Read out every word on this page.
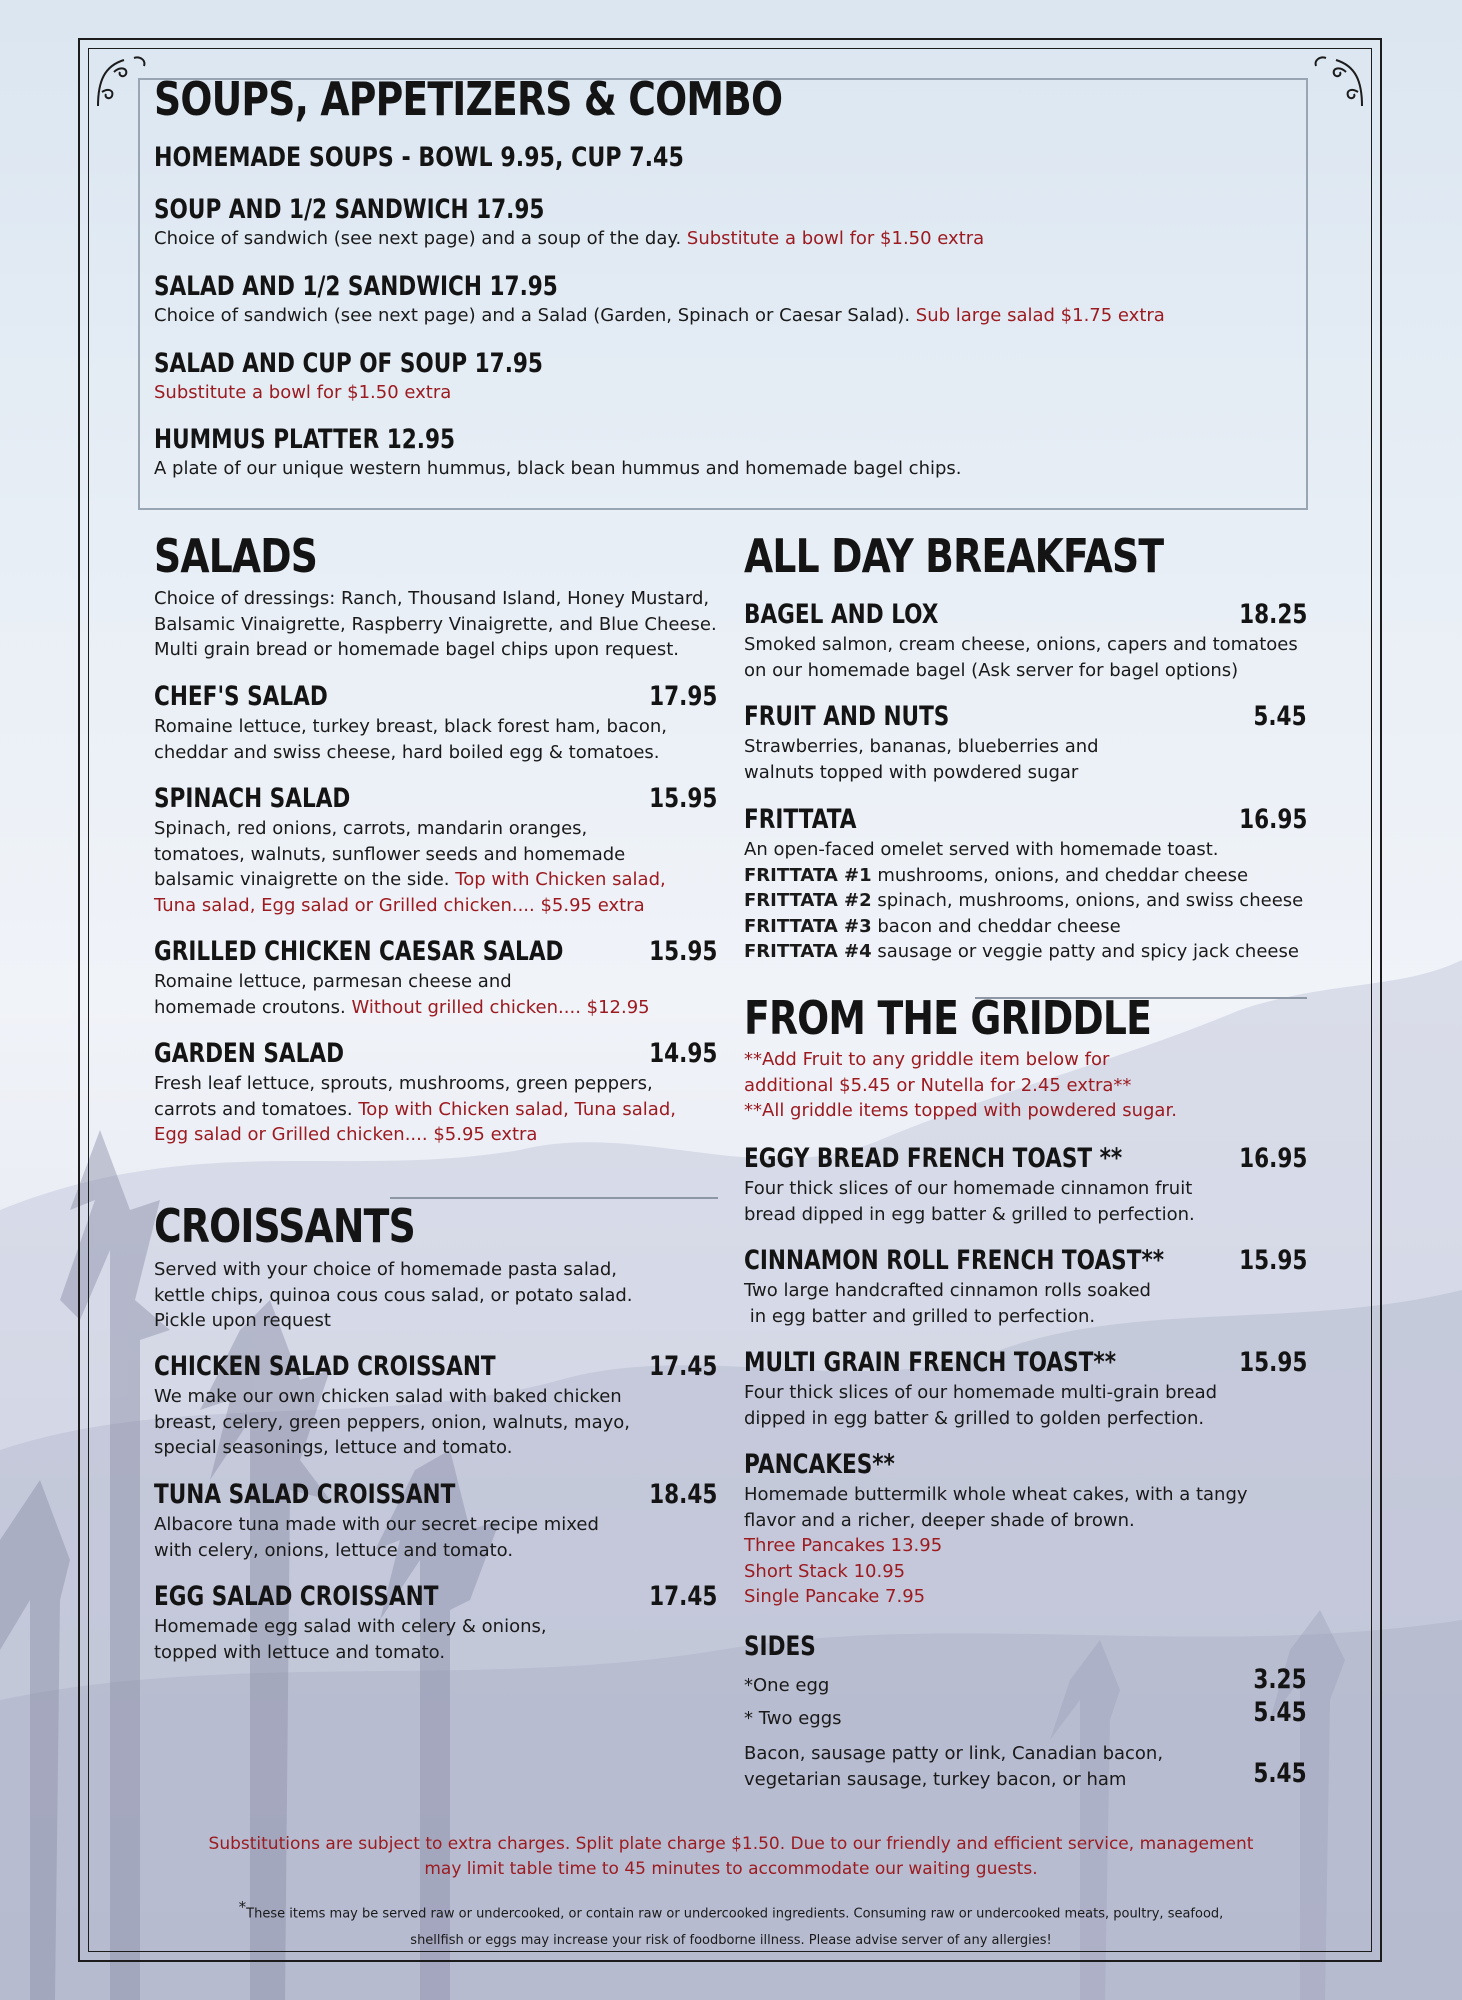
SOUPS, APPETIZERS & COMBO
HOMEMADE SOUPS - BOWL 9.95, CUP 7.45
SOUP AND 1/2 SANDWICH 17.95
Choice of sandwich (see next page) and a soup of the day. Substitute a bowl for $1.50 extra
SALAD AND 1/2 SANDWICH 17.95
Choice of sandwich (see next page) and a Salad (Garden, Spinach or Caesar Salad). Sub large salad $1.75 extra
SALAD AND CUP OF SOUP 17.95
Substitute a bowl for $1.50 extra
HUMMUS PLATTER 12.95
A plate of our unique western hummus, black bean hummus and homemade bagel chips.
SALADS
Choice of dressings: Ranch, Thousand Island, Honey Mustard,
Balsamic Vinaigrette, Raspberry Vinaigrette, and Blue Cheese.
Multi grain bread or homemade bagel chips upon request.
CHEF'S SALAD	17.95
Romaine lettuce, turkey breast, black forest ham, bacon,
cheddar and swiss cheese, hard boiled egg & tomatoes.
SPINACH SALAD	15.95
Spinach, red onions, carrots, mandarin oranges,
tomatoes, walnuts, sunflower seeds and homemade
balsamic vinaigrette on the side. Top with Chicken salad,
Tuna salad, Egg salad or Grilled chicken.... $5.95 extra
GRILLED CHICKEN CAESAR SALAD	15.95
Romaine lettuce, parmesan cheese and
homemade croutons. Without grilled chicken.... $12.95
GARDEN SALAD	14.95
Fresh leaf lettuce, sprouts, mushrooms, green peppers,
carrots and tomatoes. Top with Chicken salad, Tuna salad,
Egg salad or Grilled chicken.... $5.95 extra
CROISSANTS
Served with your choice of homemade pasta salad,
kettle chips, quinoa cous cous salad, or potato salad.
Pickle upon request
CHICKEN SALAD CROISSANT	17.45
We make our own chicken salad with baked chicken
breast, celery, green peppers, onion, walnuts, mayo,
special seasonings, lettuce and tomato.
TUNA SALAD CROISSANT	18.45
Albacore tuna made with our secret recipe mixed
with celery, onions, lettuce and tomato.
EGG SALAD CROISSANT	17.45
Homemade egg salad with celery & onions,
topped with lettuce and tomato.
ALL DAY BREAKFAST
BAGEL AND LOX	18.25
Smoked salmon, cream cheese, onions, capers and tomatoes
on our homemade bagel (Ask server for bagel options)
FRUIT AND NUTS	5.45
Strawberries, bananas, blueberries and
walnuts topped with powdered sugar
FRITTATA	16.95
An open-faced omelet served with homemade toast.
FRITTATA #1 mushrooms, onions, and cheddar cheese
FRITTATA #2 spinach, mushrooms, onions, and swiss cheese
FRITTATA #3 bacon and cheddar cheese
FRITTATA #4 sausage or veggie patty and spicy jack cheese
FROM THE GRIDDLE
**Add Fruit to any griddle item below for
additional $5.45 or Nutella for 2.45 extra**
**All griddle items topped with powdered sugar.
EGGY BREAD FRENCH TOAST **	16.95
Four thick slices of our homemade cinnamon fruit
bread dipped in egg batter & grilled to perfection.
CINNAMON ROLL FRENCH TOAST**	15.95
Two large handcrafted cinnamon rolls soaked
in egg batter and grilled to perfection.
MULTI GRAIN FRENCH TOAST**	15.95
Four thick slices of our homemade multi-grain bread
dipped in egg batter & grilled to golden perfection.
PANCAKES**
Homemade buttermilk whole wheat cakes, with a tangy
flavor and a richer, deeper shade of brown.
Three Pancakes 13.95
Short Stack 10.95
Single Pancake 7.95
SIDES
*One egg	3.25
* Two eggs	5.45
Bacon, sausage patty or link, Canadian bacon,
vegetarian sausage, turkey bacon, or ham	5.45
Substitutions are subject to extra charges. Split plate charge $1.50. Due to our friendly and efficient service, management
may limit table time to 45 minutes to accommodate our waiting guests.
*These items may be served raw or undercooked, or contain raw or undercooked ingredients. Consuming raw or undercooked meats, poultry, seafood,
shellfish or eggs may increase your risk of foodborne illness. Please advise server of any allergies!
